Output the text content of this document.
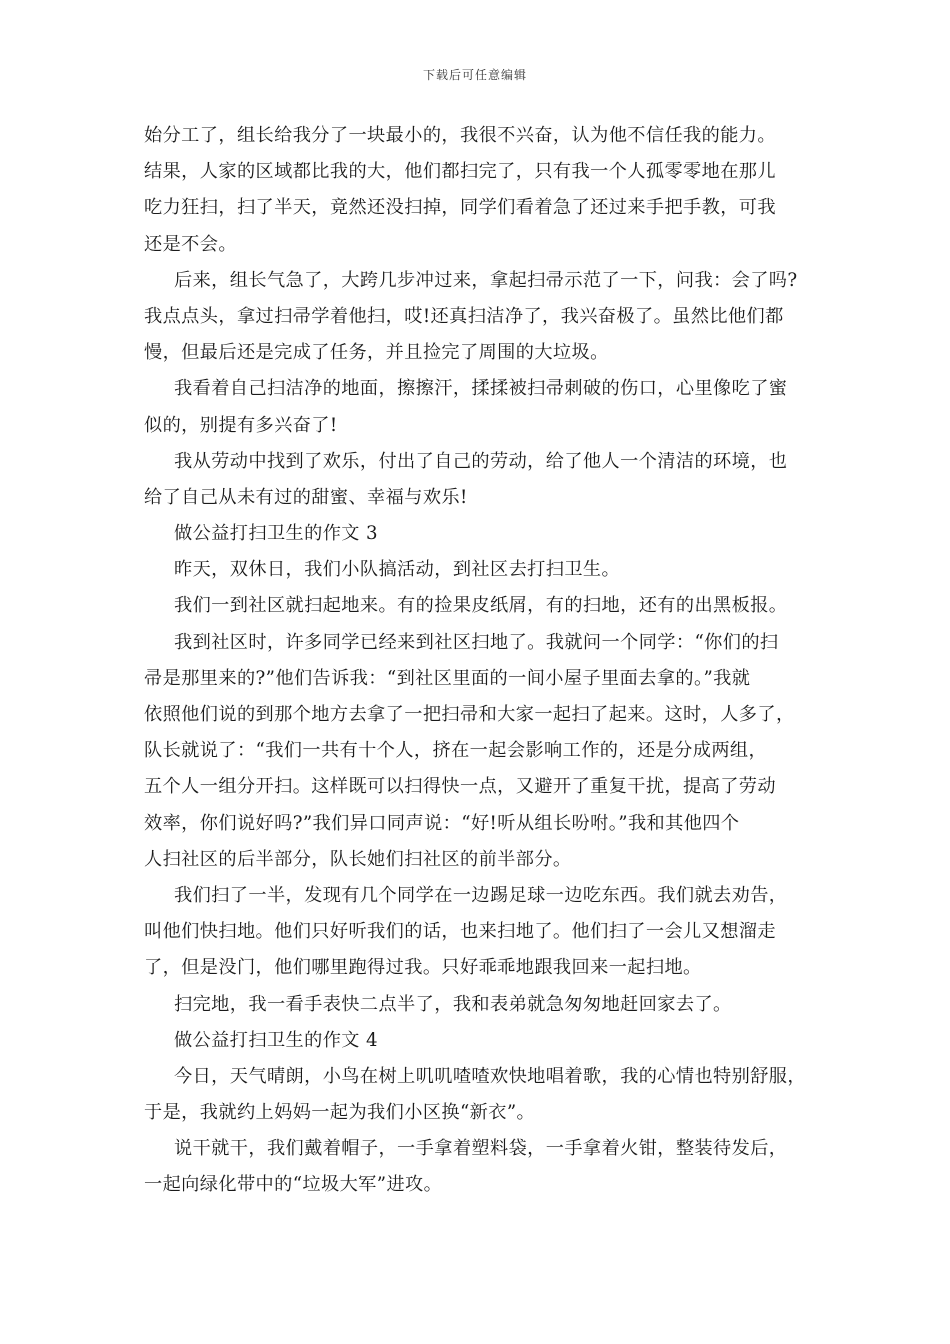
下载后可任意编辑
始分工了，组长给我分了一块最小的，我很不兴奋，认为他不信任我的能力。
结果，人家的区域都比我的大，他们都扫完了，只有我一个人孤零零地在那儿
吃力狂扫，扫了半天，竟然还没扫掉，同学们看着急了还过来手把手教，可我
还是不会。
后来，组长气急了，大跨几步冲过来，拿起扫帚示范了一下，问我：会了吗?
我点点头，拿过扫帚学着他扫，哎!还真扫洁净了，我兴奋极了。虽然比他们都
慢，但最后还是完成了任务，并且捡完了周围的大垃圾。
我看着自己扫洁净的地面，擦擦汗，揉揉被扫帚刺破的伤口，心里像吃了蜜
似的，别提有多兴奋了!
我从劳动中找到了欢乐，付出了自己的劳动，给了他人一个清洁的环境，也
给了自己从未有过的甜蜜、幸福与欢乐!
做公益打扫卫生的作文 3
昨天，双休日，我们小队搞活动，到社区去打扫卫生。
我们一到社区就扫起地来。有的捡果皮纸屑，有的扫地，还有的出黑板报。
我到社区时，许多同学已经来到社区扫地了。我就问一个同学：“你们的扫
帚是那里来的?”他们告诉我：“到社区里面的一间小屋子里面去拿的。”我就
依照他们说的到那个地方去拿了一把扫帚和大家一起扫了起来。这时，人多了，
队长就说了：“我们一共有十个人，挤在一起会影响工作的，还是分成两组，
五个人一组分开扫。这样既可以扫得快一点，又避开了重复干扰，提高了劳动
效率，你们说好吗?”我们异口同声说：“好!听从组长吩咐。”我和其他四个
人扫社区的后半部分，队长她们扫社区的前半部分。
我们扫了一半，发现有几个同学在一边踢足球一边吃东西。我们就去劝告，
叫他们快扫地。他们只好听我们的话，也来扫地了。他们扫了一会儿又想溜走
了，但是没门，他们哪里跑得过我。只好乖乖地跟我回来一起扫地。
扫完地，我一看手表快二点半了，我和表弟就急匆匆地赶回家去了。
做公益打扫卫生的作文 4
今日，天气晴朗，小鸟在树上叽叽喳喳欢快地唱着歌，我的心情也特别舒服，
于是，我就约上妈妈一起为我们小区换“新衣”。
说干就干，我们戴着帽子，一手拿着塑料袋，一手拿着火钳，整装待发后，
一起向绿化带中的“垃圾大军”进攻。
